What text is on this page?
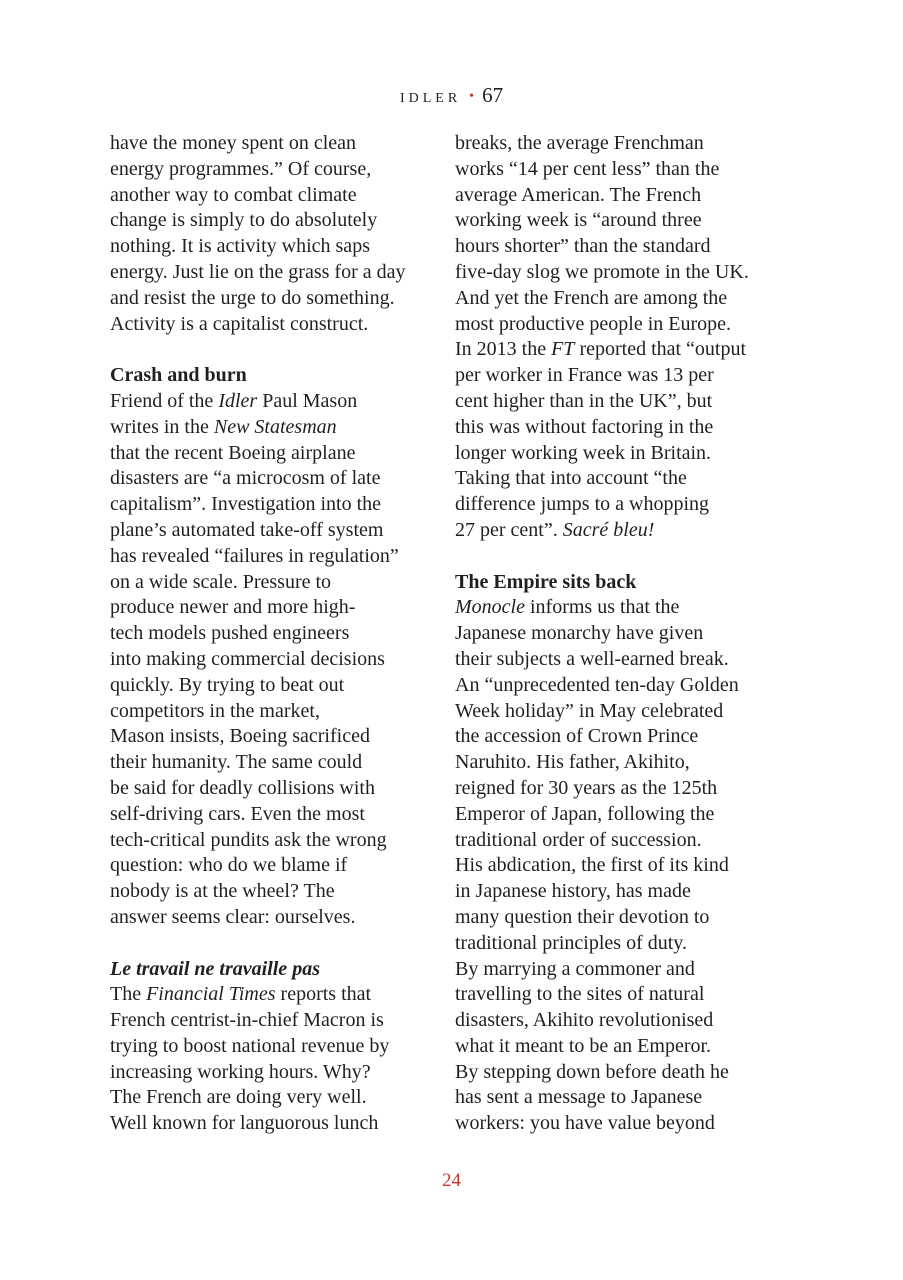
IDLER • 67
have the money spent on clean
energy programmes.” Of course,
another way to combat climate
change is simply to do absolutely
nothing. It is activity which saps
energy. Just lie on the grass for a day
and resist the urge to do something.
Activity is a capitalist construct.
Crash and burn
Friend of the Idler Paul Mason
writes in the New Statesman
that the recent Boeing airplane
disasters are “a microcosm of late
capitalism”. Investigation into the
plane’s automated take-off system
has revealed “failures in regulation”
on a wide scale. Pressure to
produce newer and more high-
tech models pushed engineers
into making commercial decisions
quickly. By trying to beat out
competitors in the market,
Mason insists, Boeing sacrificed
their humanity. The same could
be said for deadly collisions with
self-driving cars. Even the most
tech-critical pundits ask the wrong
question: who do we blame if
nobody is at the wheel? The
answer seems clear: ourselves.
Le travail ne travaille pas
The Financial Times reports that
French centrist-in-chief Macron is
trying to boost national revenue by
increasing working hours. Why?
The French are doing very well.
Well known for languorous lunch
breaks, the average Frenchman
works “14 per cent less” than the
average American. The French
working week is “around three
hours shorter” than the standard
five-day slog we promote in the UK.
And yet the French are among the
most productive people in Europe.
In 2013 the FT reported that “output
per worker in France was 13 per
cent higher than in the UK”, but
this was without factoring in the
longer working week in Britain.
Taking that into account “the
difference jumps to a whopping
27 per cent”. Sacré bleu!
The Empire sits back
Monocle informs us that the
Japanese monarchy have given
their subjects a well-earned break.
An “unprecedented ten-day Golden
Week holiday” in May celebrated
the accession of Crown Prince
Naruhito. His father, Akihito,
reigned for 30 years as the 125th
Emperor of Japan, following the
traditional order of succession.
His abdication, the first of its kind
in Japanese history, has made
many question their devotion to
traditional principles of duty.
By marrying a commoner and
travelling to the sites of natural
disasters, Akihito revolutionised
what it meant to be an Emperor.
By stepping down before death he
has sent a message to Japanese
workers: you have value beyond
24
